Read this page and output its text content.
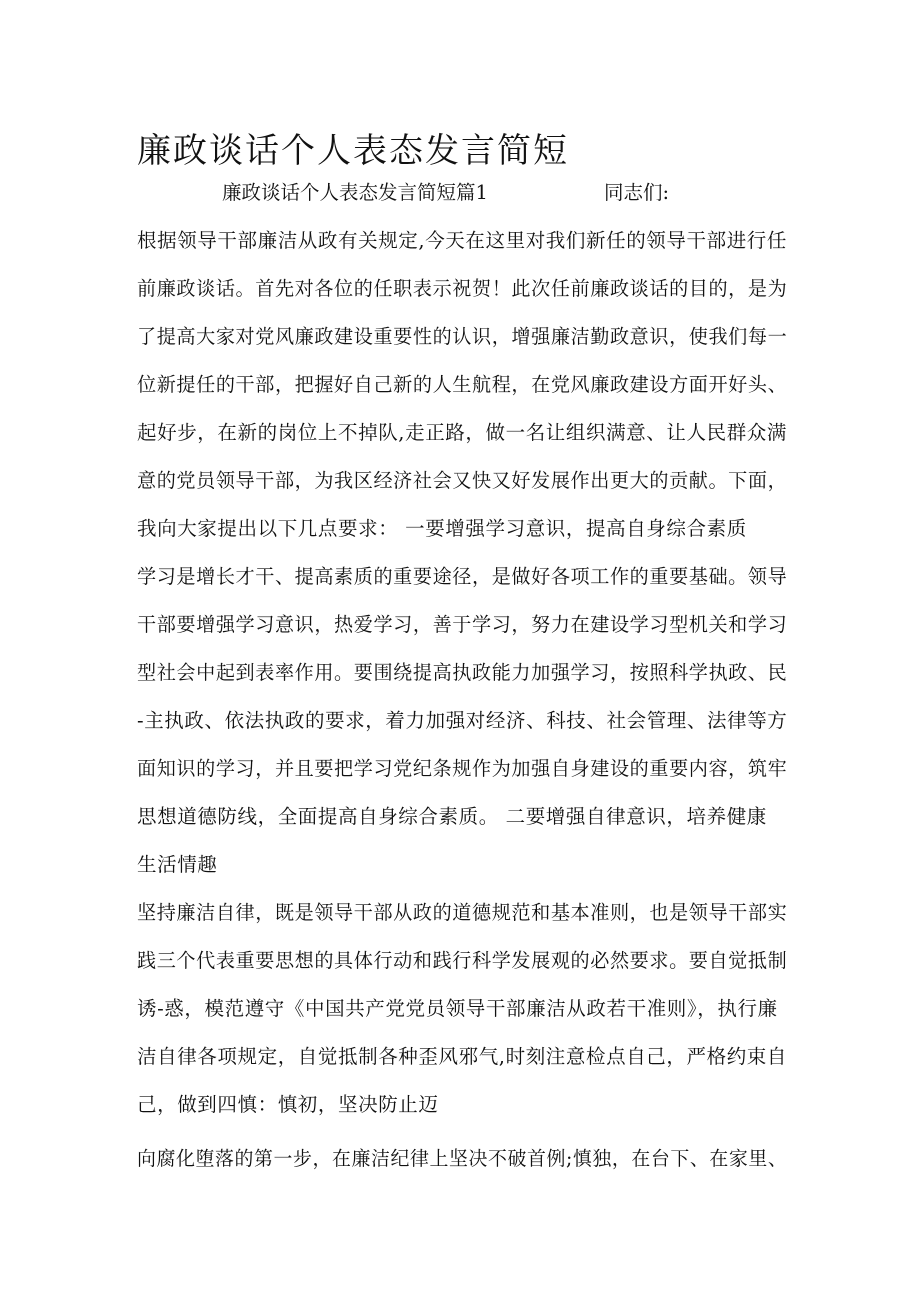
廉政谈话个人表态发言简短
廉政谈话个人表态发言简短篇1	同志们:
根据领导干部廉洁从政有关规定,今天在这里对我们新任的领导干部进行任
前廉政谈话。首先对各位的任职表示祝贺！此次任前廉政谈话的目的，是为
了提高大家对党风廉政建设重要性的认识，增强廉洁勤政意识，使我们每一
位新提任的干部，把握好自己新的人生航程，在党风廉政建设方面开好头、
起好步，在新的岗位上不掉队,走正路，做一名让组织满意、让人民群众满
意的党员领导干部，为我区经济社会又快又好发展作出更大的贡献。下面，
我向大家提出以下几点要求： 一要增强学习意识，提高自身综合素质
学习是增长才干、提高素质的重要途径，是做好各项工作的重要基础。领导
干部要增强学习意识，热爱学习，善于学习，努力在建设学习型机关和学习
型社会中起到表率作用。要围绕提高执政能力加强学习，按照科学执政、民
-主执政、依法执政的要求，着力加强对经济、科技、社会管理、法律等方
面知识的学习，并且要把学习党纪条规作为加强自身建设的重要内容，筑牢
思想道德防线，全面提高自身综合素质。 二要增强自律意识，培养健康
生活情趣
坚持廉洁自律，既是领导干部从政的道德规范和基本准则，也是领导干部实
践三个代表重要思想的具体行动和践行科学发展观的必然要求。要自觉抵制
诱-惑，模范遵守《中国共产党党员领导干部廉洁从政若干准则》，执行廉
洁自律各项规定，自觉抵制各种歪风邪气,时刻注意检点自己，严格约束自
己，做到四慎：慎初，坚决防止迈
向腐化堕落的第一步，在廉洁纪律上坚决不破首例;慎独，在台下、在家里、
